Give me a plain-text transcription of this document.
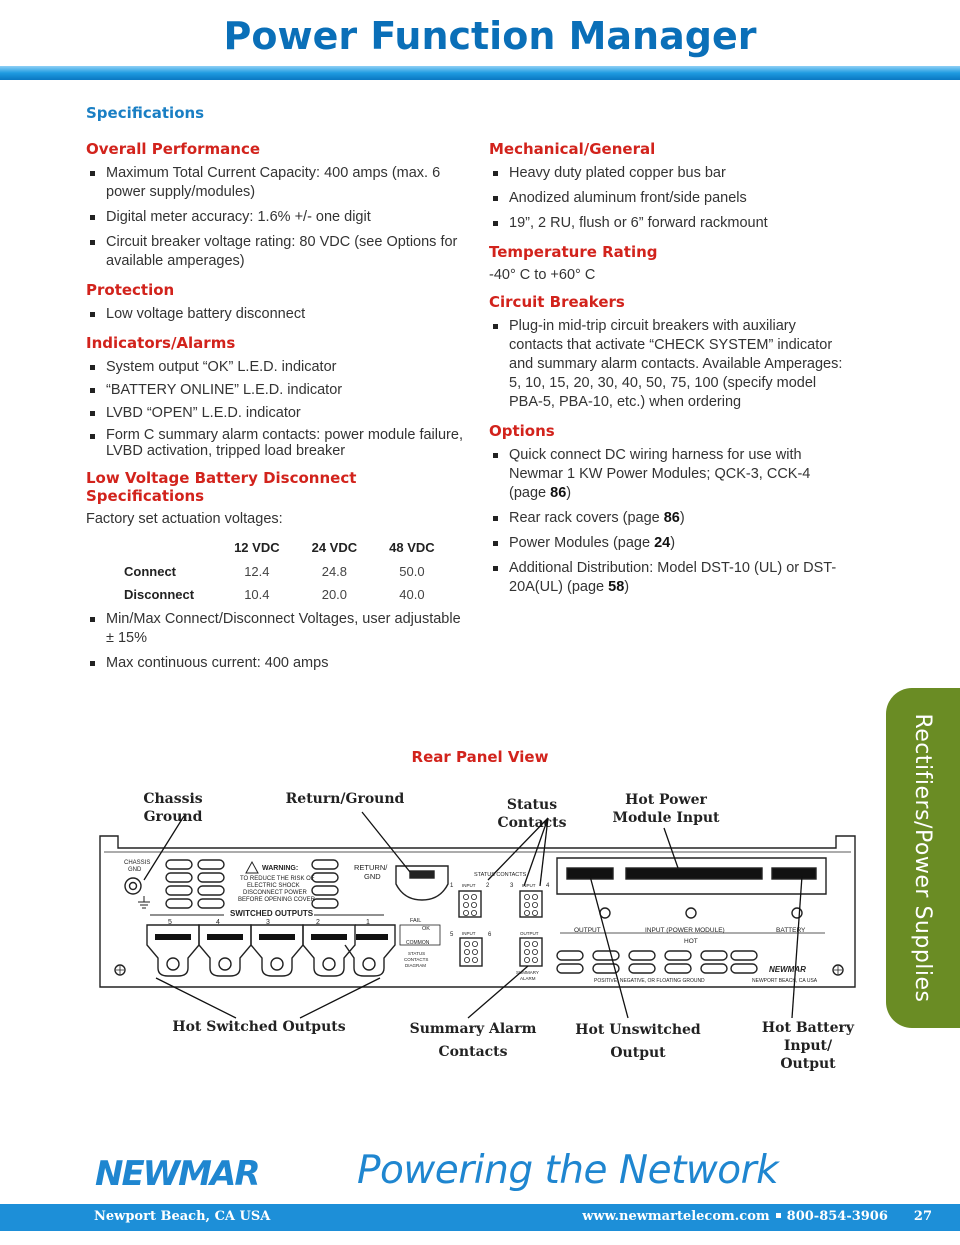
Power Function Manager
Specifications
Overall Performance
Maximum Total Current Capacity: 400 amps (max. 6 power supply/modules)
Digital meter accuracy: 1.6% +/- one digit
Circuit breaker voltage rating: 80 VDC (see Options for available amperages)
Protection
Low voltage battery disconnect
Indicators/Alarms
System output “OK” L.E.D. indicator
“BATTERY ONLINE” L.E.D. indicator
LVBD “OPEN” L.E.D. indicator
Form C summary alarm contacts: power module failure, LVBD activation, tripped load breaker
Low Voltage Battery Disconnect Specifications

Factory set actuation voltages:

	12 VDC	24 VDC	48 VDC
Connect	12.4	24.8	50.0
Disconnect	10.4	20.0	40.0
Min/Max Connect/Disconnect Voltages, user adjustable ± 15%
Max continuous current: 400 amps
Mechanical/General
Heavy duty plated copper bus bar
Anodized aluminum front/side panels
19”, 2 RU, flush or 6” forward rackmount
Temperature Rating

-40° C to +60° C

Circuit Breakers
Plug-in mid-trip circuit breakers with auxiliary contacts that activate “CHECK SYSTEM” indicator and summary alarm contacts. Available Amperages: 5, 10, 15, 20, 30, 40, 50, 75, 100 (specify model PBA-5, PBA-10, etc.) when ordering
Options
Quick connect DC wiring harness for use with Newmar 1 KW Power Modules; QCK-3, CCK-4 (page 86)
Rear rack covers (page 86)
Power Modules (page 24)
Additional Distribution: Model DST-10 (UL) or DST-20A(UL) (page 58)
Rear Panel View
Chassis Ground
Return/Ground	Status Contacts
Hot Power
Module Input
Hot Switched Outputs	Summary Alarm
Contacts
Hot Unswitched
Output
Hot Battery Input/
Output
CHASSIS
GND	WARNING:
TO REDUCE THE RISK OF
ELECTRIC SHOCK
DISCONNECT POWER
BEFORE OPENING COVER
RETURN/
GND
SWITCHED OUTPUTS
5	4	3	2	1
STATUS CONTACTS
1	2	3	4
5	6
INPUT	INPUT
INPUT	OUTPUT
FAIL
OK
COMMON
STATUS
CONTACTS
DIAGRAM
SUMMARY
ALARM
OUTPUT	INPUT (POWER MODULE)	BATTERY
HOT
POSITIVE, NEGATIVE, OR FLOATING GROUND
NEWMAR
NEWPORT BEACH, CA USA	Rectifiers/Power Supplies
NEWMAR	Powering the Network
Newport Beach, CA USA	www.newmartelecom.com 800-854-3906 27
